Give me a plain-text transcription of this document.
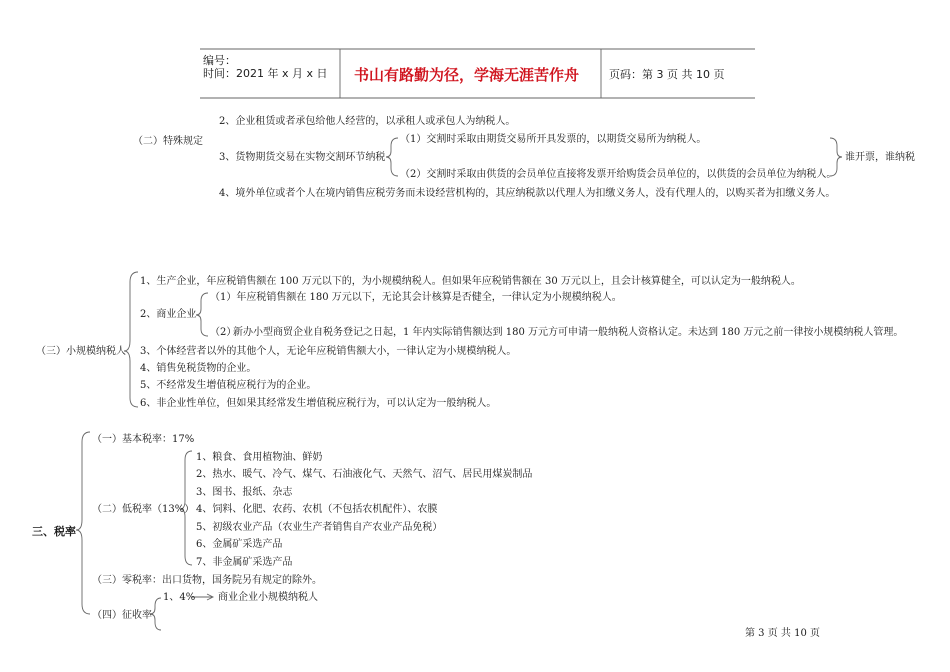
编号：
时间：2021 年 x 月 x 日 书山有路勤为径，学海无涯苦作舟	页码：第 3 页 共 10 页
2、企业租赁或者承包给他人经营的，以承租人或承包人为纳税人。
（二）特殊规定	（1）交割时采取由期货交易所开具发票的，以期货交易所为纳税人。
3、货物期货交易在实物交割环节纳税	谁开票，谁纳税
（2）交割时采取由供货的会员单位直接将发票开给购货会员单位的，以供货的会员单位为纳税人。
4、境外单位或者个人在境内销售应税劳务而未设经营机构的，其应纳税款以代理人为扣缴义务人，没有代理人的，以购买者为扣缴义务人。
1、生产企业，年应税销售额在 100 万元以下的，为小规模纳税人。但如果年应税销售额在 30 万元以上，且会计核算健全，可以认定为一般纳税人。
（1）年应税销售额在 180 万元以下，无论其会计核算是否健全，一律认定为小规模纳税人。
2、商业企业
（2）
新办小型商贸企业自税务登记之日起，1 年内实际销售额达到 180 万元方可申请一般纳税人资格认定。未达到 180 万元之前一律按小规模纳税人管理。
（三）小规模纳税人 3、个体经营者以外的其他个人，无论年应税销售额大小，一律认定为小规模纳税人。
4、销售免税货物的企业。
5、不经常发生增值税应税行为的企业。
6、非企业性单位，但如果其经常发生增值税应税行为，可以认定为一般纳税人。
（一）基本税率：17%
1、粮食、食用植物油、鲜奶
2、热水、暖气、冷气、煤气、石油液化气、天然气、沼气、居民用煤炭制品
3、图书、报纸、杂志
（二）低税率（13%） 4、饲料、化肥、农药、农机（不包括农机配件）、农膜
三、税率	5、初级农业产品（农业生产者销售自产农业产品免税）
6、金属矿采选产品
7、非金属矿采选产品
（三）零税率：出口货物，国务院另有规定的除外。
1、4% 商业企业小规模纳税人
（四）征收率
第 3 页 共 10 页
